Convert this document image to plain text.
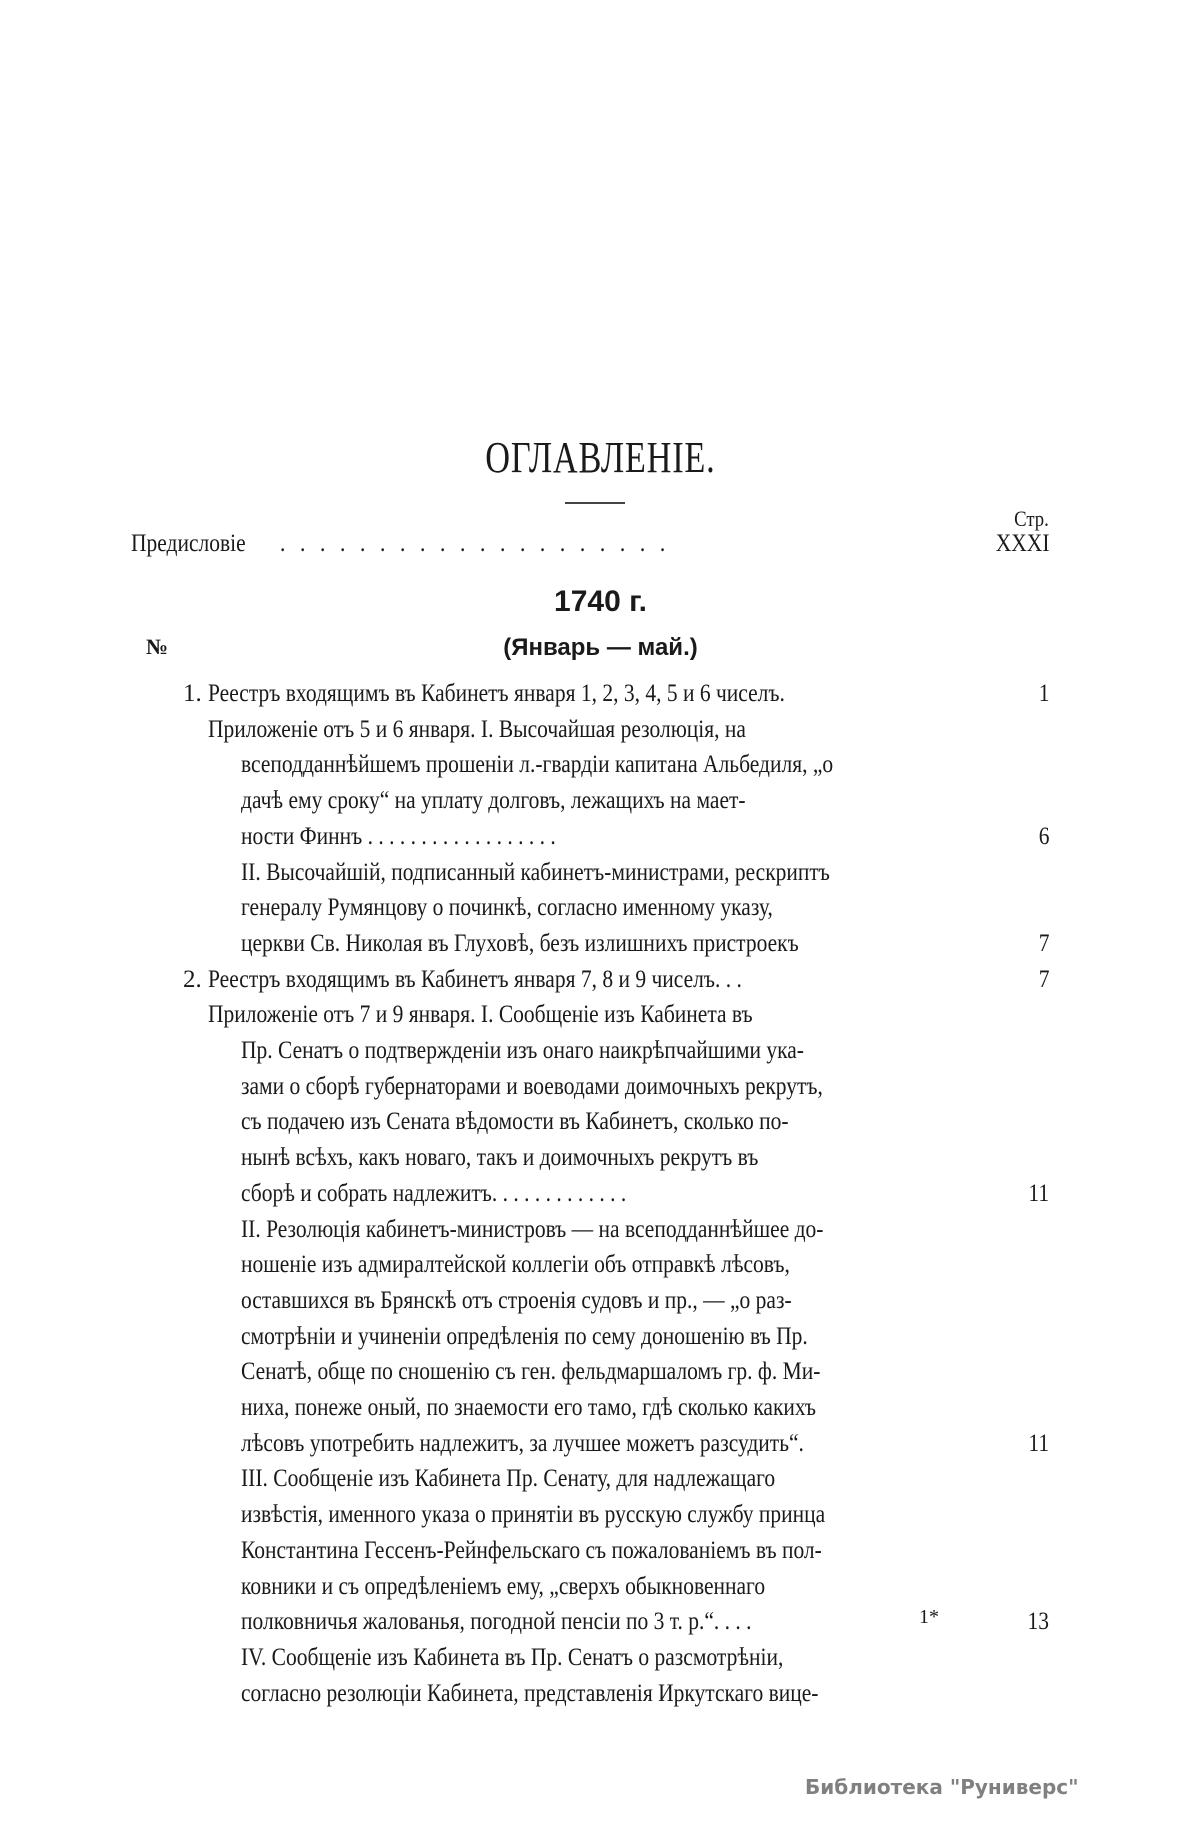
ОГЛАВЛЕНІЕ.
Стр.
Предисловіе ....................	XXXI
1740 г.
№	(Январь — май.)
1. Реестръ входящимъ въ Кабинетъ января 1, 2, 3, 4, 5 и 6 чиселъ.	1
Приложеніе отъ 5 и 6 января. I. Высочайшая резолюція, на
всеподданнѣйшемъ прошеніи л.-гвардіи капитана Альбедиля, „о
дачѣ ему сроку“ на уплату долговъ, лежащихъ на мает-
ности Финнъ . . . . . . . . . . . . . . . . . .	6
II. Высочайшій, подписанный кабинетъ-министрами, рескриптъ
генералу Румянцову о починкѣ, согласно именному указу,
церкви Св. Николая въ Глуховѣ, безъ излишнихъ пристроекъ	7
2. Реестръ входящимъ въ Кабинетъ января 7, 8 и 9 чиселъ. . .	7
Приложеніе отъ 7 и 9 января. I. Сообщеніе изъ Кабинета въ
Пр. Сенатъ о подтвержденіи изъ онаго наикрѣпчайшими ука-
зами о сборѣ губернаторами и воеводами доимочныхъ рекрутъ,
съ подачею изъ Сената вѣдомости въ Кабинетъ, сколько по-
нынѣ всѣхъ, какъ новаго, такъ и доимочныхъ рекрутъ въ
сборѣ и собрать надлежитъ. . . . . . . . . . . . .	11
II. Резолюція кабинетъ-министровъ — на всеподданнѣйшее до-
ношеніе изъ адмиралтейской коллегіи объ отправкѣ лѣсовъ,
оставшихся въ Брянскѣ отъ строенія судовъ и пр., — „о раз-
смотрѣніи и учиненіи опредѣленія по сему доношенію въ Пр.
Сенатѣ, обще по сношенію съ ген. фельдмаршаломъ гр. ф. Ми-
ниха, понеже оный, по знаемости его тамо, гдѣ сколько какихъ
лѣсовъ употребить надлежитъ, за лучшее можетъ разсудить“.	11
III. Сообщеніе изъ Кабинета Пр. Сенату, для надлежащаго
извѣстія, именного указа о принятіи въ русскую службу принца
Константина Гессенъ-Рейнфельскаго съ пожалованіемъ въ пол-
ковники и съ опредѣленіемъ ему, „сверхъ обыкновеннаго
полковничья жалованья, погодной пенсіи по 3 т. р.“. . . .	13
IV. Сообщеніе изъ Кабинета въ Пр. Сенатъ о разсмотрѣніи,
согласно резолюціи Кабинета, представленія Иркутскаго вице-
1*
Библиотека "Руниверс"
